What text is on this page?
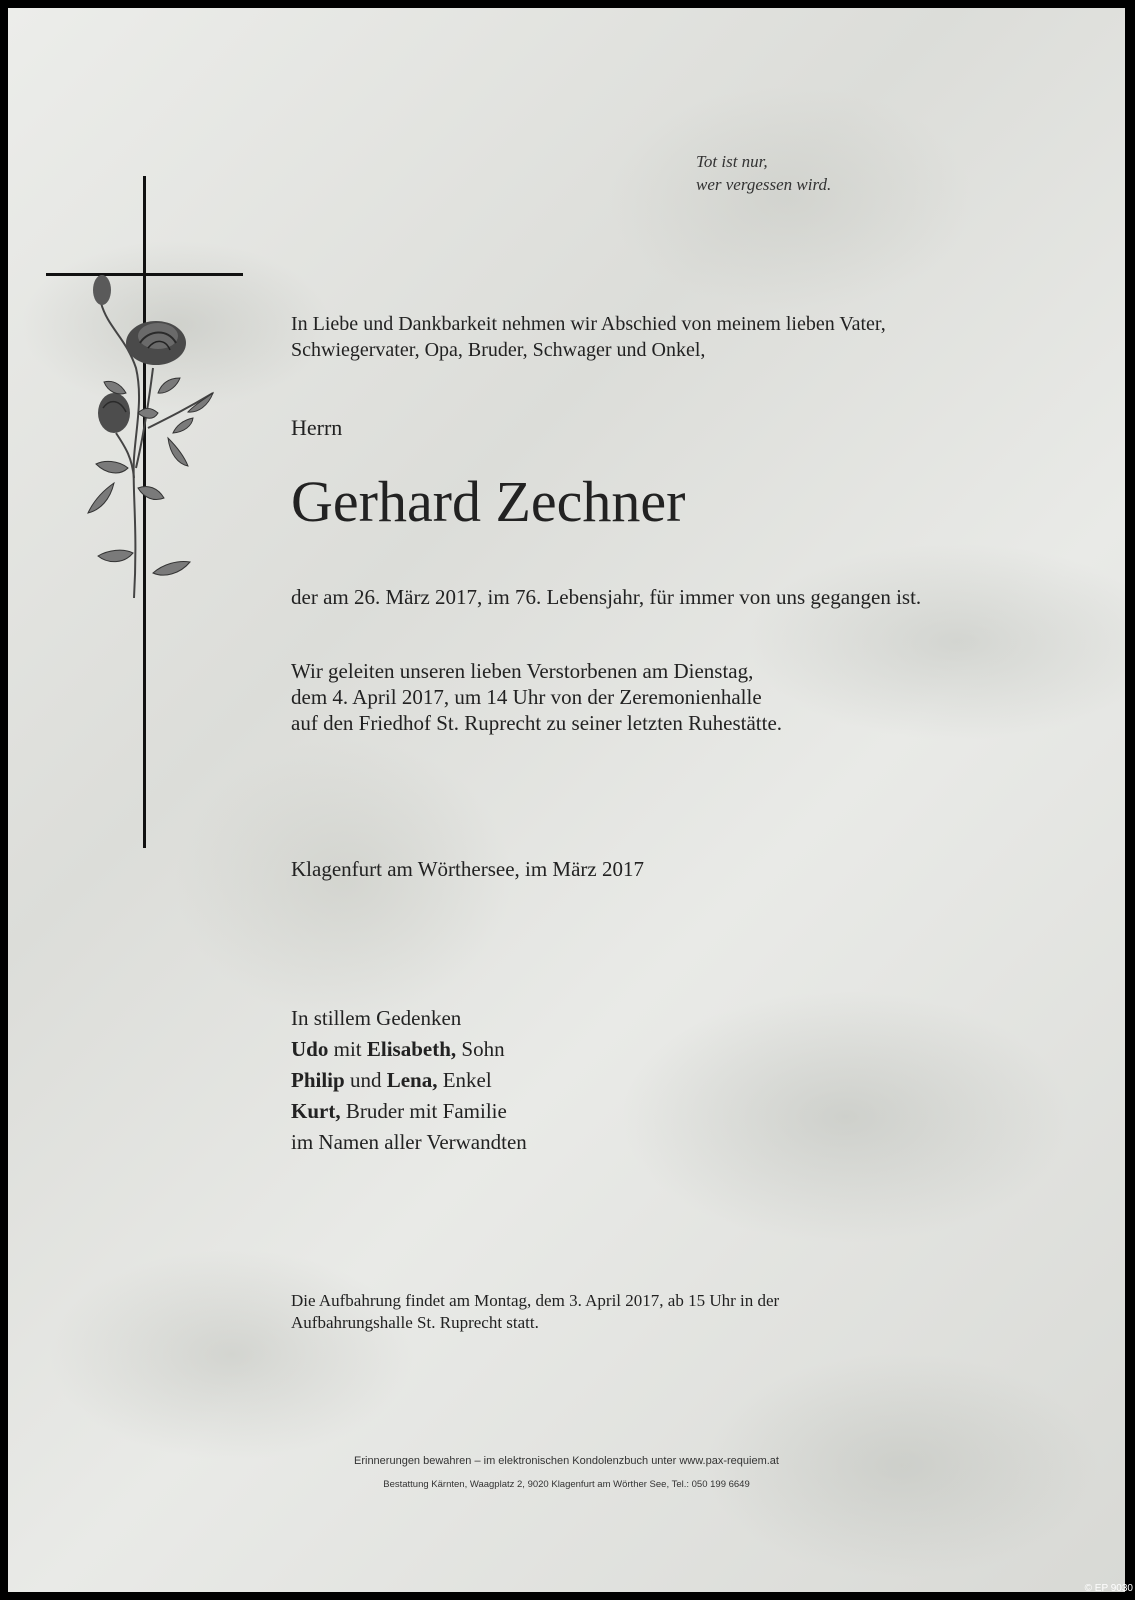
Tot ist nur,
wer vergessen wird.
In Liebe und Dankbarkeit nehmen wir Abschied von meinem lieben Vater,
Schwiegervater, Opa, Bruder, Schwager und Onkel,
Herrn
Gerhard Zechner
der am 26. März 2017, im 76. Lebensjahr, für immer von uns gegangen ist.
Wir geleiten unseren lieben Verstorbenen am Dienstag,
dem 4. April 2017, um 14 Uhr von der Zeremonienhalle
auf den Friedhof St. Ruprecht zu seiner letzten Ruhestätte.
Klagenfurt am Wörthersee, im März 2017
In stillem Gedenken
Udo mit Elisabeth, Sohn
Philip und Lena, Enkel
Kurt, Bruder mit Familie
im Namen aller Verwandten
Die Aufbahrung findet am Montag, dem 3. April 2017, ab 15 Uhr in der
Aufbahrungshalle St. Ruprecht statt.
Erinnerungen bewahren – im elektronischen Kondolenzbuch unter www.pax-requiem.at
Bestattung Kärnten, Waagplatz 2, 9020 Klagenfurt am Wörther See, Tel.: 050 199 6649
© EP 9030
